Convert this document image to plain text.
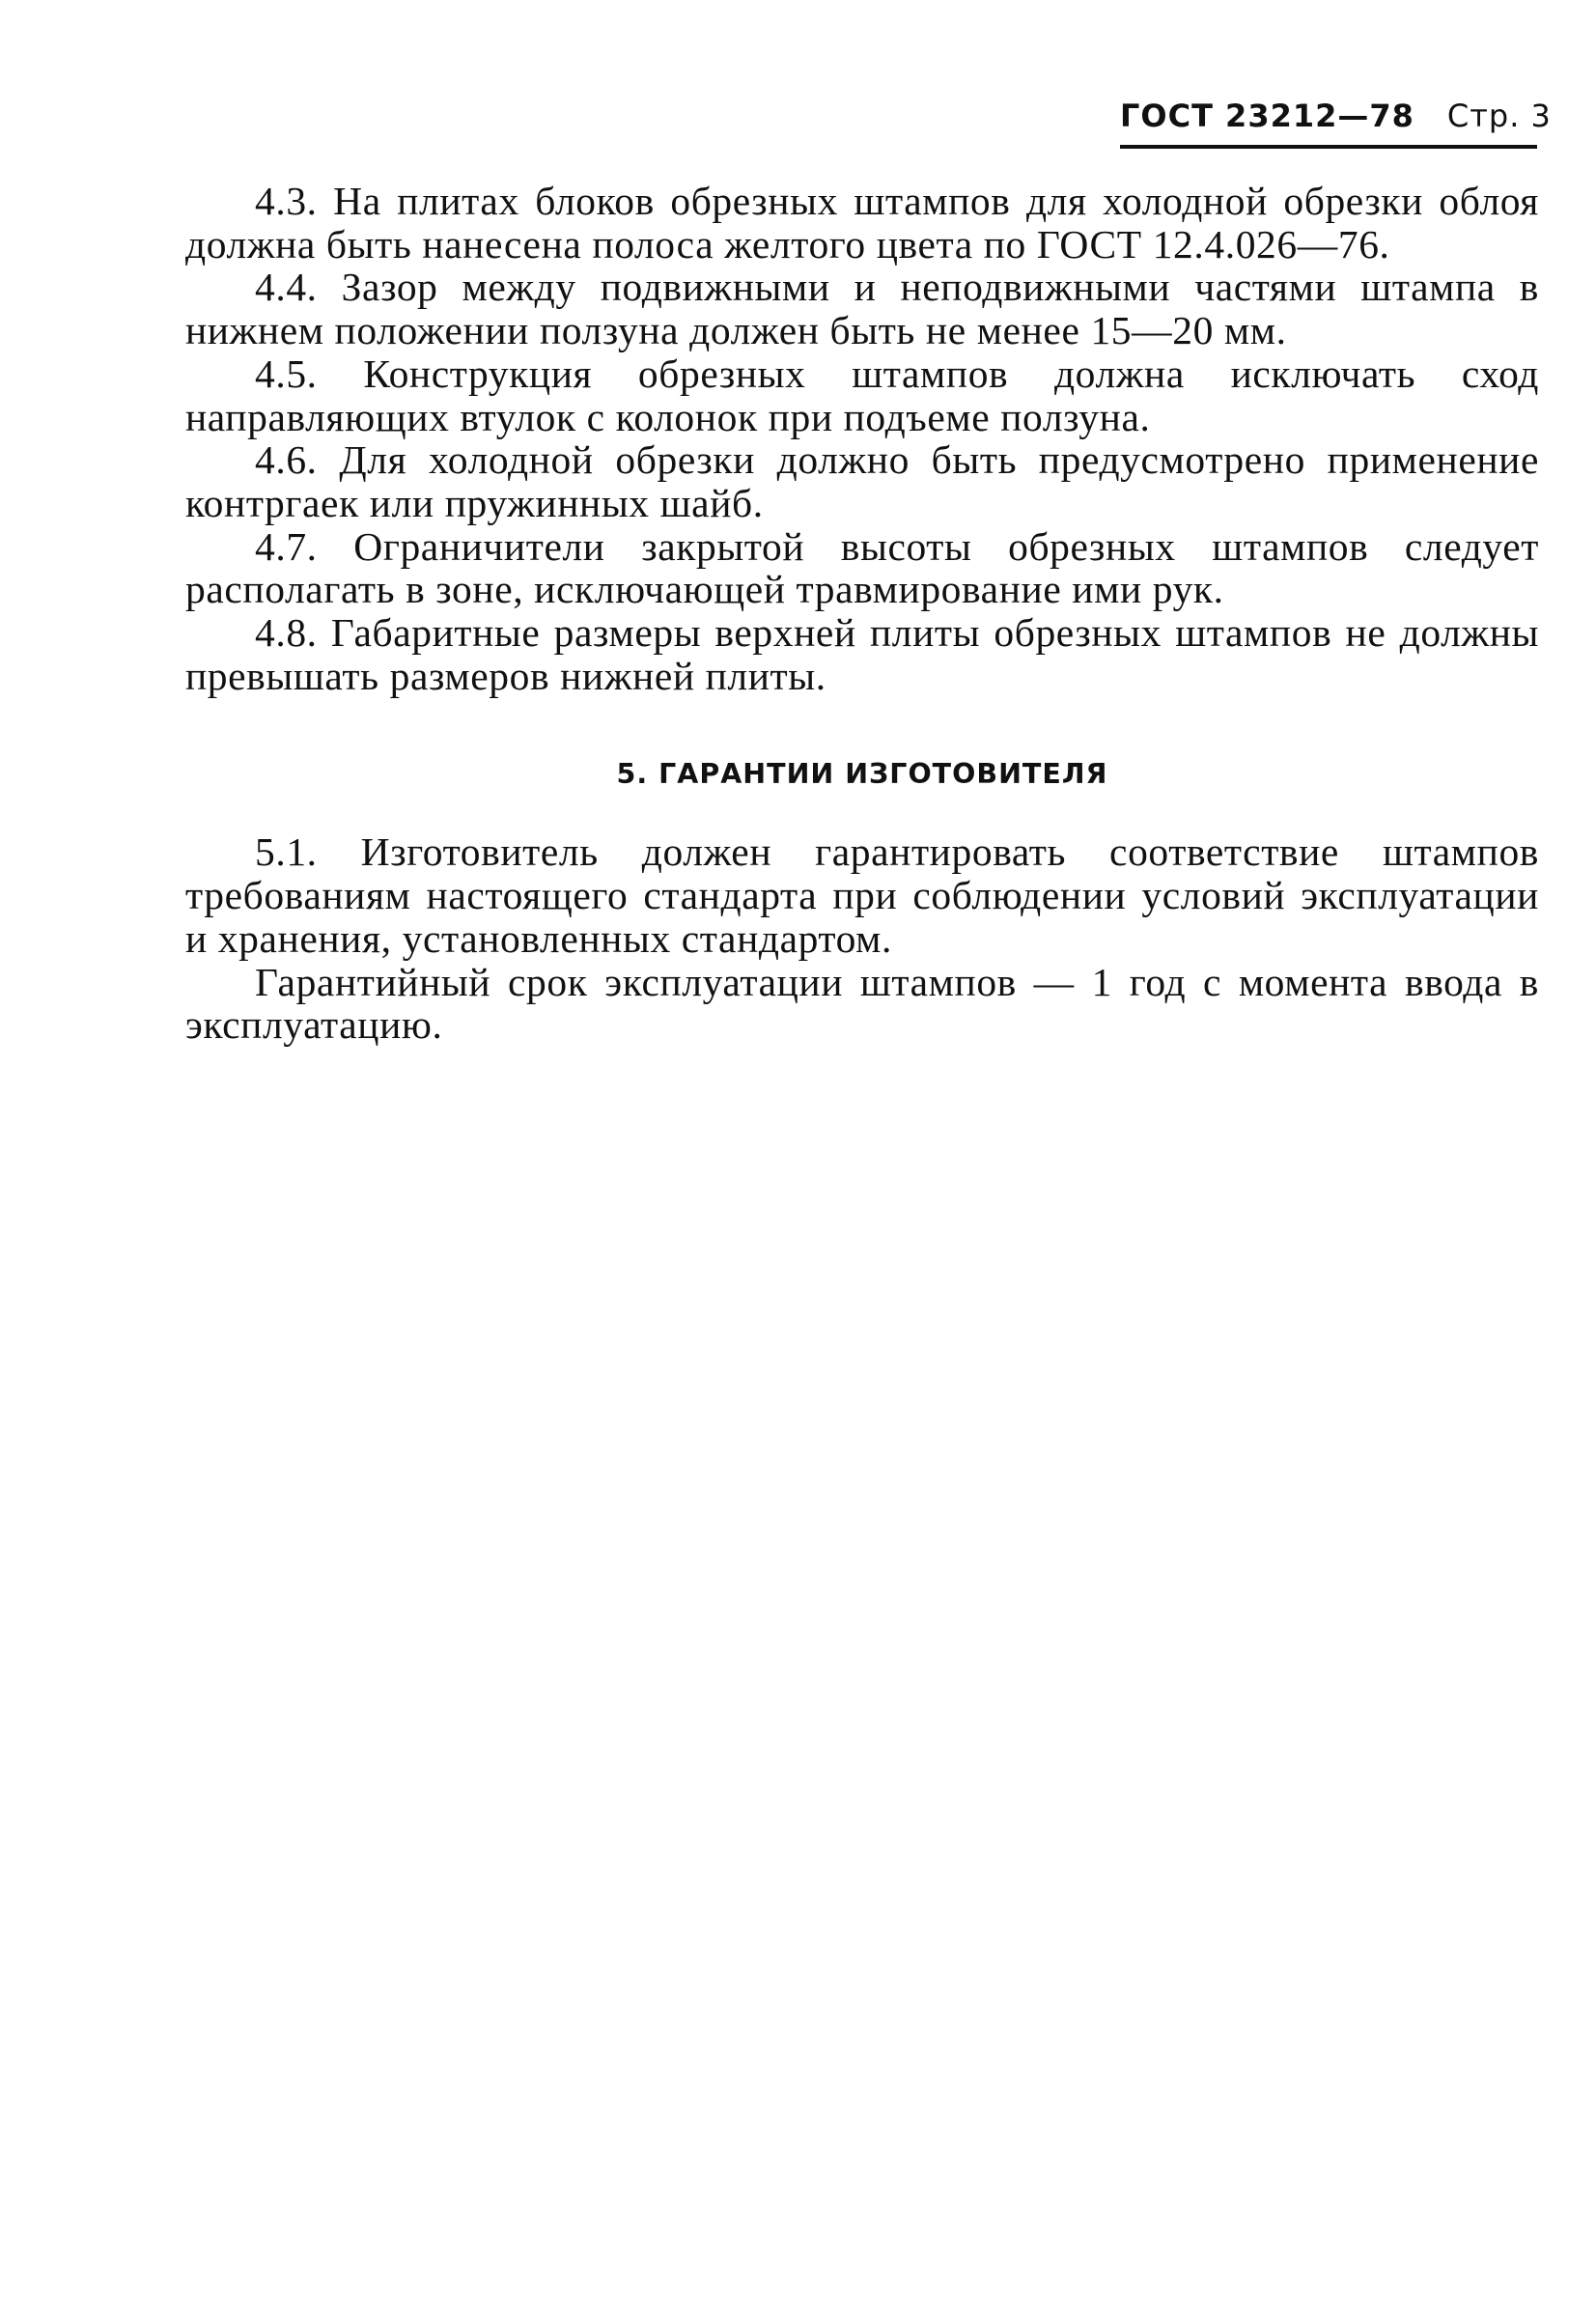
ГОСТ 23212—78 Стр. 3

4.3. На плитах блоков обрезных штампов для холодной обрезки облоя должна быть нанесена полоса желтого цвета по ГОСТ 12.4.026—76.

4.4. Зазор между подвижными и неподвижными частями штампа в нижнем положении ползуна должен быть не менее 15—20 мм.

4.5. Конструкция обрезных штампов должна исключать сход направляющих втулок с колонок при подъеме ползуна.

4.6. Для холодной обрезки должно быть предусмотрено применение контргаек или пружинных шайб.

4.7. Ограничители закрытой высоты обрезных штампов следует располагать в зоне, исключающей травмирование ими рук.

4.8. Габаритные размеры верхней плиты обрезных штампов не должны превышать размеров нижней плиты.

5. ГАРАНТИИ ИЗГОТОВИТЕЛЯ

5.1. Изготовитель должен гарантировать соответствие штампов требованиям настоящего стандарта при соблюдении условий эксплуатации и хранения, установленных стандартом.

Гарантийный срок эксплуатации штампов — 1 год с момента ввода в эксплуатацию.
